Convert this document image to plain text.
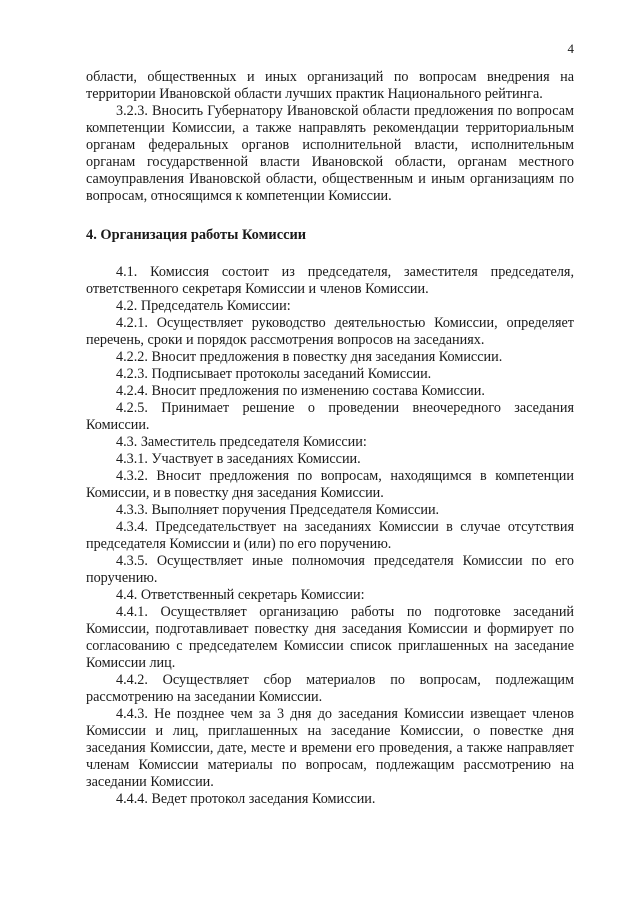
4

области, общественных и иных организаций по вопросам внедрения на территории Ивановской области лучших практик Национального рейтинга.

3.2.3. Вносить Губернатору Ивановской области предложения по вопросам компетенции Комиссии, а также направлять рекомендации территориальным органам федеральных органов исполнительной власти, исполнительным органам государственной власти Ивановской области, органам местного самоуправления Ивановской области, общественным и иным организациям по вопросам, относящимся к компетенции Комиссии.

4. Организация работы Комиссии

4.1. Комиссия состоит из председателя, заместителя председателя, ответственного секретаря Комиссии и членов Комиссии.

4.2. Председатель Комиссии:

4.2.1. Осуществляет руководство деятельностью Комиссии, определяет перечень, сроки и порядок рассмотрения вопросов на заседаниях.

4.2.2. Вносит предложения в повестку дня заседания Комиссии.

4.2.3. Подписывает протоколы заседаний Комиссии.

4.2.4. Вносит предложения по изменению состава Комиссии.

4.2.5. Принимает решение о проведении внеочередного заседания Комиссии.

4.3. Заместитель председателя Комиссии:

4.3.1. Участвует в заседаниях Комиссии.

4.3.2. Вносит предложения по вопросам, находящимся в компетенции Комиссии, и в повестку дня заседания Комиссии.

4.3.3. Выполняет поручения Председателя Комиссии.

4.3.4. Председательствует на заседаниях Комиссии в случае отсутствия председателя Комиссии и (или) по его поручению.

4.3.5. Осуществляет иные полномочия председателя Комиссии по его поручению.

4.4. Ответственный секретарь Комиссии:

4.4.1. Осуществляет организацию работы по подготовке заседаний Комиссии, подготавливает повестку дня заседания Комиссии и формирует по согласованию с председателем Комиссии список приглашенных на заседание Комиссии лиц.

4.4.2. Осуществляет сбор материалов по вопросам, подлежащим рассмотрению на заседании Комиссии.

4.4.3. Не позднее чем за 3 дня до заседания Комиссии извещает членов Комиссии и лиц, приглашенных на заседание Комиссии, о повестке дня заседания Комиссии, дате, месте и времени его проведения, а также направляет членам Комиссии материалы по вопросам, подлежащим рассмотрению на заседании Комиссии.

4.4.4. Ведет протокол заседания Комиссии.
